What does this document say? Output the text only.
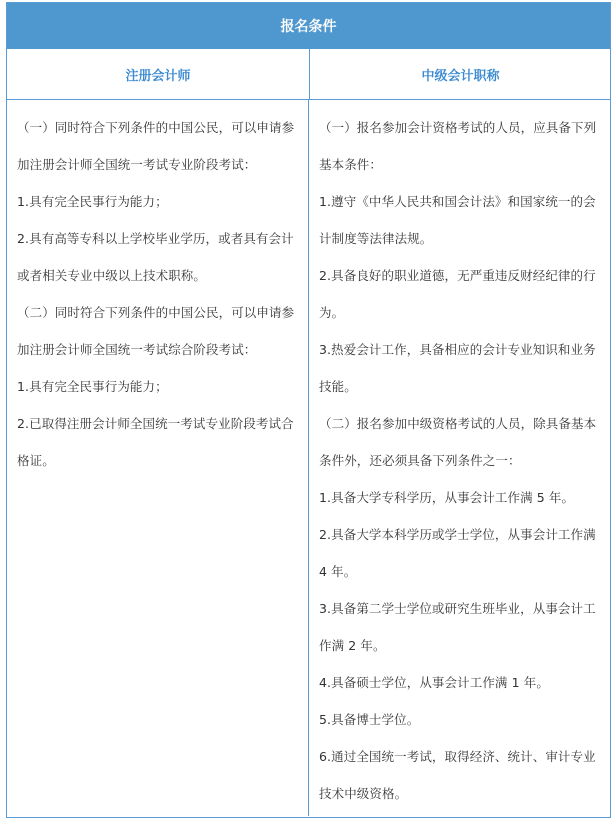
报名条件
注册会计师	中级会计职称

（一）同时符合下列条件的中国公民，可以申请参加注册会计师全国统一考试专业阶段考试：

1.具有完全民事行为能力；

2.具有高等专科以上学校毕业学历，或者具有会计或者相关专业中级以上技术职称。

（二）同时符合下列条件的中国公民，可以申请参加注册会计师全国统一考试综合阶段考试：

1.具有完全民事行为能力；

2.已取得注册会计师全国统一考试专业阶段考试合格证。

（一）报名参加会计资格考试的人员，应具备下列基本条件：

1.遵守《中华人民共和国会计法》和国家统一的会计制度等法律法规。

2.具备良好的职业道德，无严重违反财经纪律的行为。

3.热爱会计工作，具备相应的会计专业知识和业务技能。

（二）报名参加中级资格考试的人员，除具备基本条件外，还必须具备下列条件之一：

1.具备大学专科学历，从事会计工作满 5 年。

2.具备大学本科学历或学士学位，从事会计工作满 4 年。

3.具备第二学士学位或研究生班毕业，从事会计工作满 2 年。

4.具备硕士学位，从事会计工作满 1 年。

5.具备博士学位。

6.通过全国统一考试，取得经济、统计、审计专业技术中级资格。
